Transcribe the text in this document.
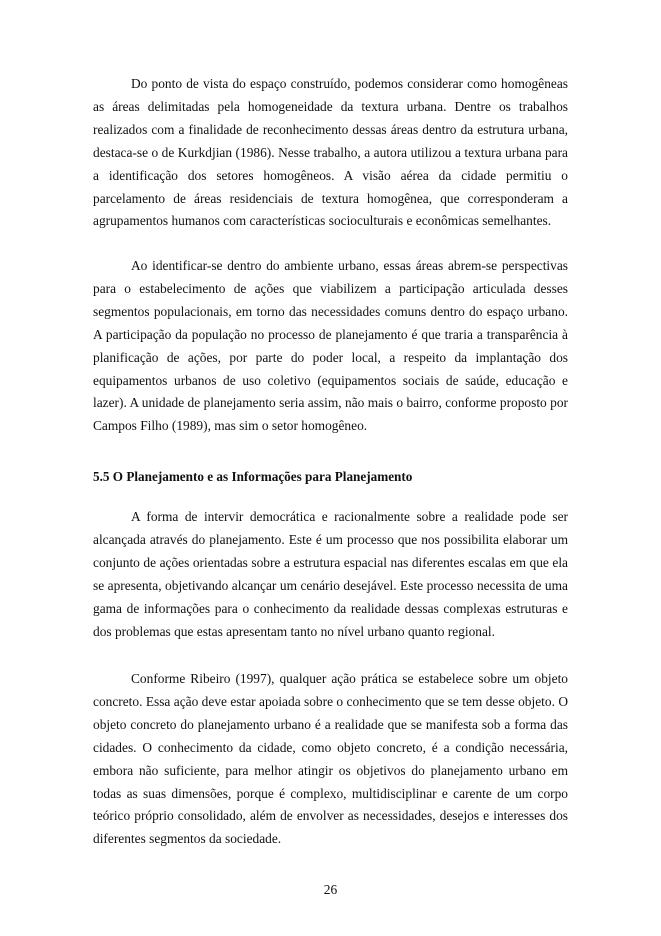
Do ponto de vista do espaço construído, podemos considerar como homogêneas as áreas delimitadas pela homogeneidade da textura urbana. Dentre os trabalhos realizados com a finalidade de reconhecimento dessas áreas dentro da estrutura urbana, destaca-se o de Kurkdjian (1986). Nesse trabalho, a autora utilizou a textura urbana para a identificação dos setores homogêneos. A visão aérea da cidade permitiu o parcelamento de áreas residenciais de textura homogênea, que corresponderam a agrupamentos humanos com características socioculturais e econômicas semelhantes.

Ao identificar-se dentro do ambiente urbano, essas áreas abrem-se perspectivas para o estabelecimento de ações que viabilizem a participação articulada desses segmentos populacionais, em torno das necessidades comuns dentro do espaço urbano. A participação da população no processo de planejamento é que traria a transparência à planificação de ações, por parte do poder local, a respeito da implantação dos equipamentos urbanos de uso coletivo (equipamentos sociais de saúde, educação e lazer). A unidade de planejamento seria assim, não mais o bairro, conforme proposto por Campos Filho (1989), mas sim o setor homogêneo.

5.5 O Planejamento e as Informações para Planejamento

A forma de intervir democrática e racionalmente sobre a realidade pode ser alcançada através do planejamento. Este é um processo que nos possibilita elaborar um conjunto de ações orientadas sobre a estrutura espacial nas diferentes escalas em que ela se apresenta, objetivando alcançar um cenário desejável. Este processo necessita de uma gama de informações para o conhecimento da realidade dessas complexas estruturas e dos problemas que estas apresentam tanto no nível urbano quanto regional.

Conforme Ribeiro (1997), qualquer ação prática se estabelece sobre um objeto concreto. Essa ação deve estar apoiada sobre o conhecimento que se tem desse objeto. O objeto concreto do planejamento urbano é a realidade que se manifesta sob a forma das cidades. O conhecimento da cidade, como objeto concreto, é a condição necessária, embora não suficiente, para melhor atingir os objetivos do planejamento urbano em todas as suas dimensões, porque é complexo, multidisciplinar e carente de um corpo teórico próprio consolidado, além de envolver as necessidades, desejos e interesses dos diferentes segmentos da sociedade.

26
